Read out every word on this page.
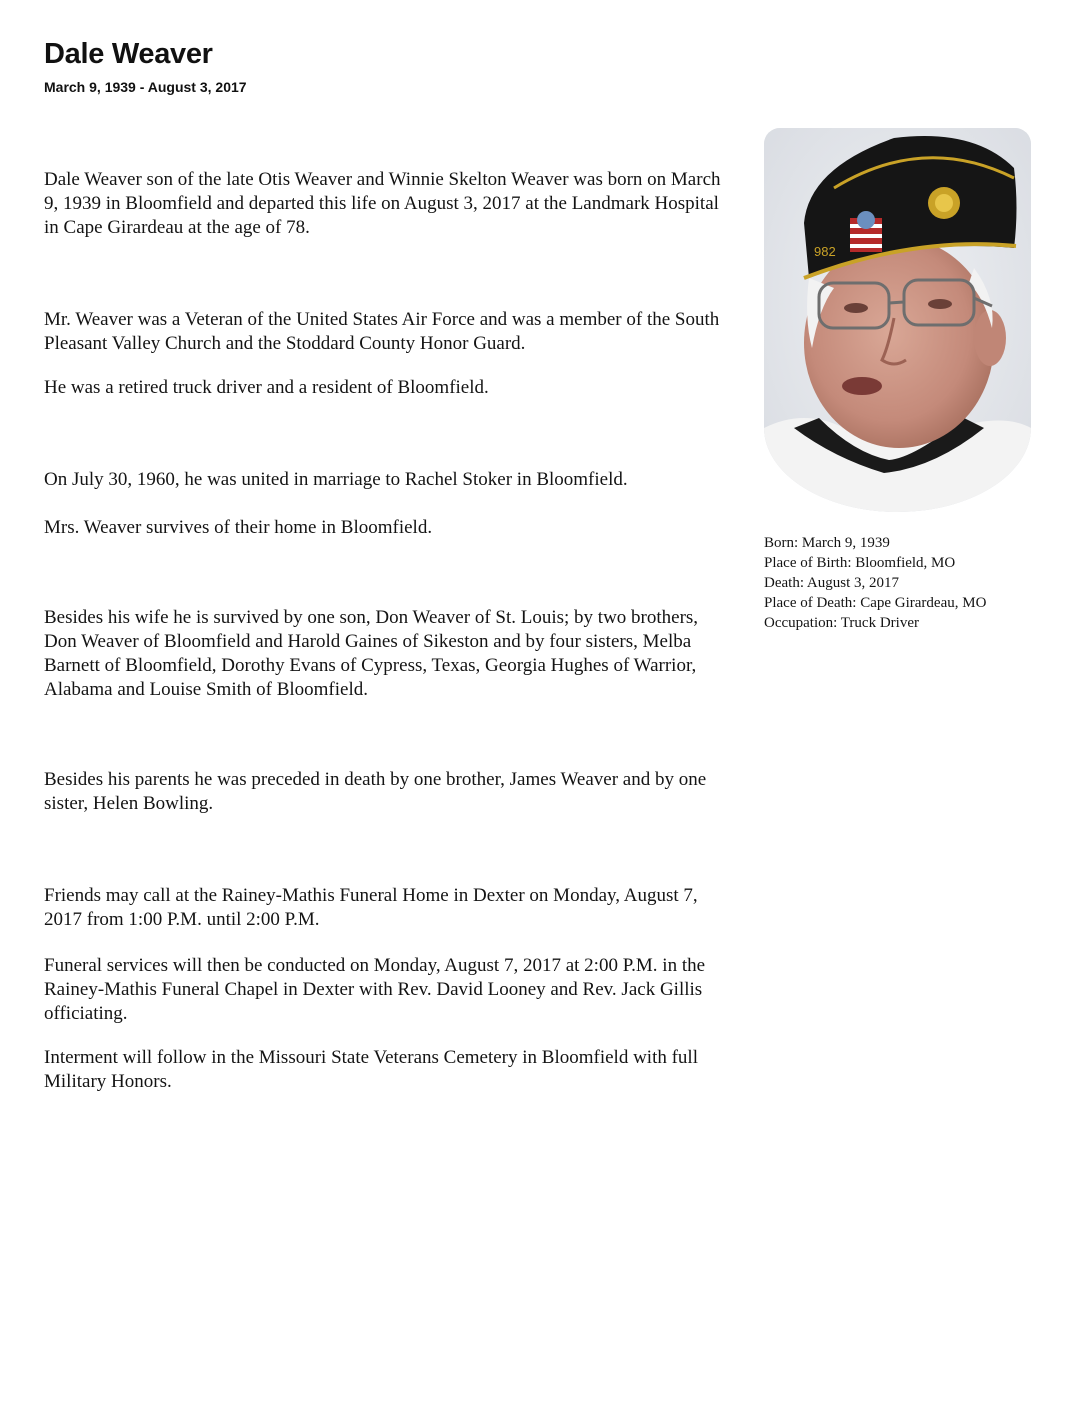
Dale Weaver

March 9, 1939 - August 3, 2017

Dale Weaver son of the late Otis Weaver and Winnie Skelton Weaver was born on March 9, 1939 in Bloomfield and departed this life on August 3, 2017 at the Landmark Hospital in Cape Girardeau at the age of 78.

Mr. Weaver was a Veteran of the United States Air Force and was a member of the South Pleasant Valley Church and the Stoddard County Honor Guard.

He was a retired truck driver and a resident of Bloomfield.

On July 30, 1960, he was united in marriage to Rachel Stoker in Bloomfield.

Mrs. Weaver survives of their home in Bloomfield.

Besides his wife he is survived by one son, Don Weaver of St. Louis; by two brothers, Don Weaver of Bloomfield and Harold Gaines of Sikeston and by four sisters, Melba Barnett of Bloomfield, Dorothy Evans of Cypress, Texas, Georgia Hughes of Warrior, Alabama and Louise Smith of Bloomfield.

Besides his parents he was preceded in death by one brother, James Weaver and by one sister, Helen Bowling.

Friends may call at the Rainey-Mathis Funeral Home in Dexter on Monday, August 7, 2017 from 1:00 P.M. until 2:00 P.M.

Funeral services will then be conducted on Monday, August 7, 2017 at 2:00 P.M. in the Rainey-Mathis Funeral Chapel in Dexter with Rev. David Looney and Rev. Jack Gillis officiating.

Interment will follow in the Missouri State Veterans Cemetery in Bloomfield with full Military Honors.

982
Born: March 9, 1939
Place of Birth: Bloomfield, MO
Death: August 3, 2017
Place of Death: Cape Girardeau, MO
Occupation: Truck Driver
